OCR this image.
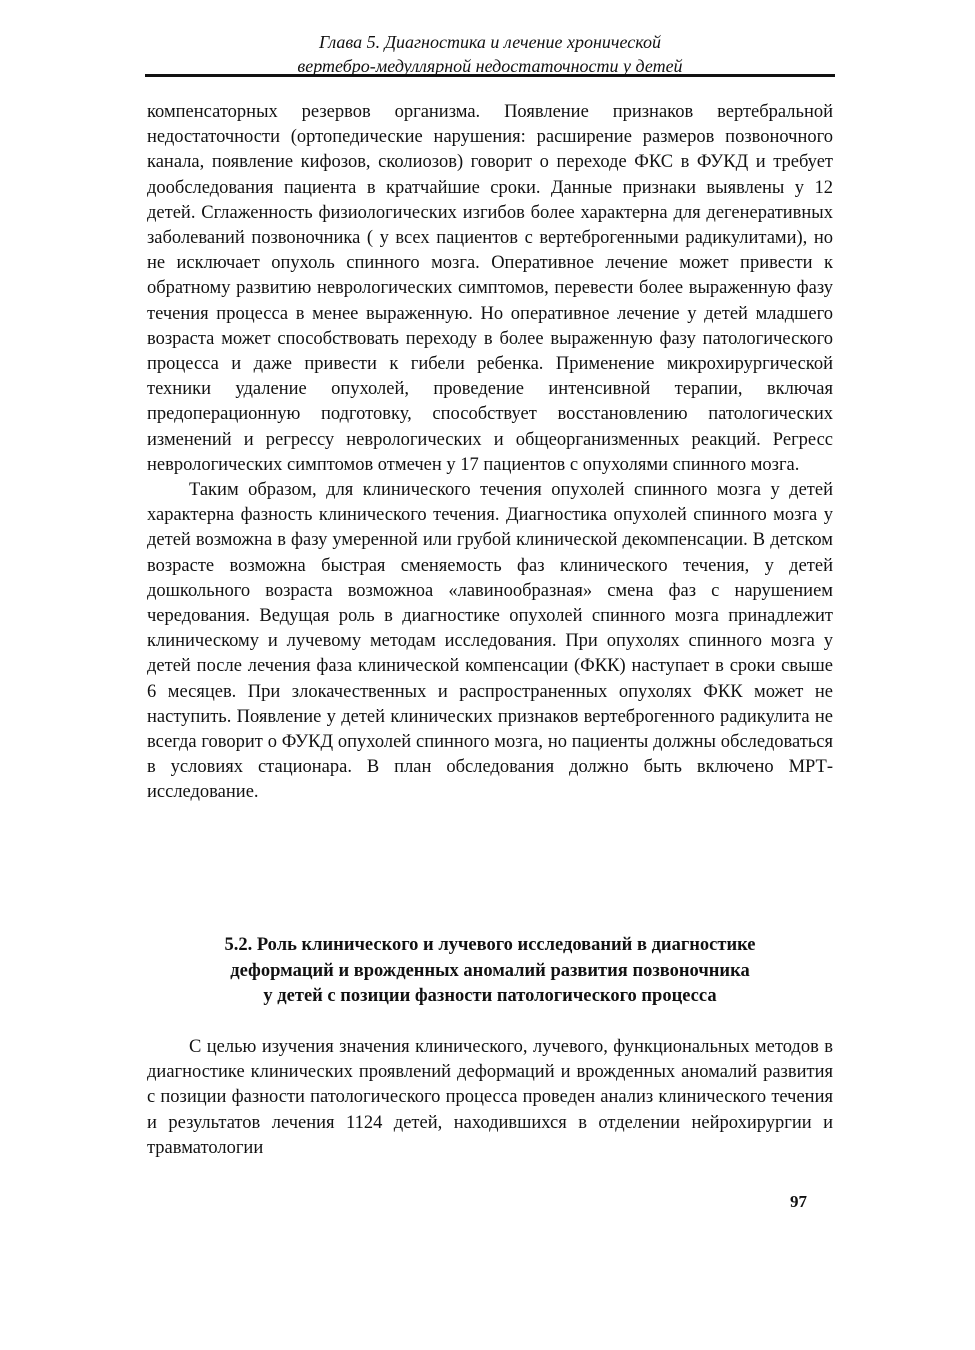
Глава 5. Диагностика и лечение хронической
вертебро-медуллярной недостаточности у детей

компенсаторных резервов организма. Появление признаков вертебральной недостаточности (ортопедические нарушения: расширение размеров позвоночного канала, появление кифозов, сколиозов) говорит о переходе ФКС в ФУКД и требует дообследования пациента в кратчайшие сроки. Данные признаки выявлены у 12 детей. Сглаженность физиологических изгибов более характерна для дегенеративных заболеваний позвоночника ( у всех пациентов с вертеброгенными радикулитами), но не исключает опухоль спинного мозга. Оперативное лечение может привести к обратному развитию неврологических симптомов, перевести более выраженную фазу течения процесса в менее выраженную. Но оперативное лечение у детей младшего возраста может способствовать переходу в более выраженную фазу патологического процесса и даже привести к гибели ребенка. Применение микрохирургической техники удаление опухолей, проведение интенсивной терапии, включая предоперационную подготовку, способствует восстановлению патологических изменений и регрессу неврологических и общеорганизменных реакций. Регресс неврологических симптомов отмечен у 17 пациентов с опухолями спинного мозга.

Таким образом, для клинического течения опухолей спинного мозга у детей характерна фазность клинического течения. Диагностика опухолей спинного мозга у детей возможна в фазу умеренной или грубой клинической декомпенсации. В детском возрасте возможна быстрая сменяемость фаз клинического течения, у детей дошкольного возраста возможноа «лавинообразная» смена фаз с нарушением чередования. Ведущая роль в диагностике опухолей спинного мозга принадлежит клиническому и лучевому методам исследования. При опухолях спинного мозга у детей после лечения фаза клинической компенсации (ФКК) наступает в сроки свыше 6 месяцев. При злокачественных и распространенных опухолях ФКК может не наступить. Появление у детей клинических признаков вертеброгенного радикулита не всегда говорит о ФУКД опухолей спинного мозга, но пациенты должны обследоваться в условиях стационара. В план обследования должно быть включено МРТ-исследование.

5.2. Роль клинического и лучевого исследований в диагностике
деформаций и врожденных аномалий развития позвоночника
у детей с позиции фазности патологического процесса

С целью изучения значения клинического, лучевого, функциональных методов в диагностике клинических проявлений деформаций и врожденных аномалий развития с позиции фазности патологического процесса проведен анализ клинического течения и результатов лечения 1124 детей, находившихся в отделении нейрохирургии и травматологии

97
